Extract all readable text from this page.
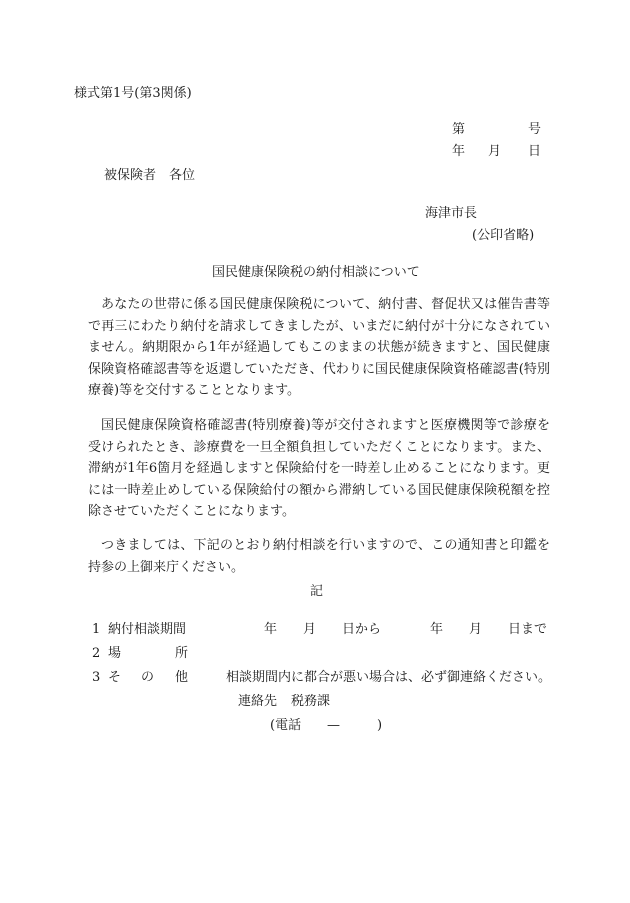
様式第1号(第3関係)
第	号
年 月 日
被保険者　各位
海津市長
(公印省略)
国民健康保険税の納付相談について
あなたの世帯に係る国民健康保険税について、納付書、督促状又は催告書等で再三にわたり納付を請求してきましたが、いまだに納付が十分になされていません。納期限から1年が経過してもこのままの状態が続きますと、国民健康保険資格確認書等を返還していただき、代わりに国民健康保険資格確認書(特別療養)等を交付することとなります。
国民健康保険資格確認書(特別療養)等が交付されますと医療機関等で診療を受けられたとき、診療費を一旦全額負担していただくことになります。また、滞納が1年6箇月を経過しますと保険給付を一時差し止めることになります。更には一時差止めしている保険給付の額から滞納している国民健康保険税額を控除させていただくことになります。
つきましては、下記のとおり納付相談を行いますので、この通知書と印鑑を持参の上御来庁ください。
記
1 納付相談期間	年 月 日から	年 月 日まで
2 場	所
3 そ の 他	相談期間内に都合が悪い場合は、必ず御連絡ください。
連絡先 税務課
(電話 —	)
